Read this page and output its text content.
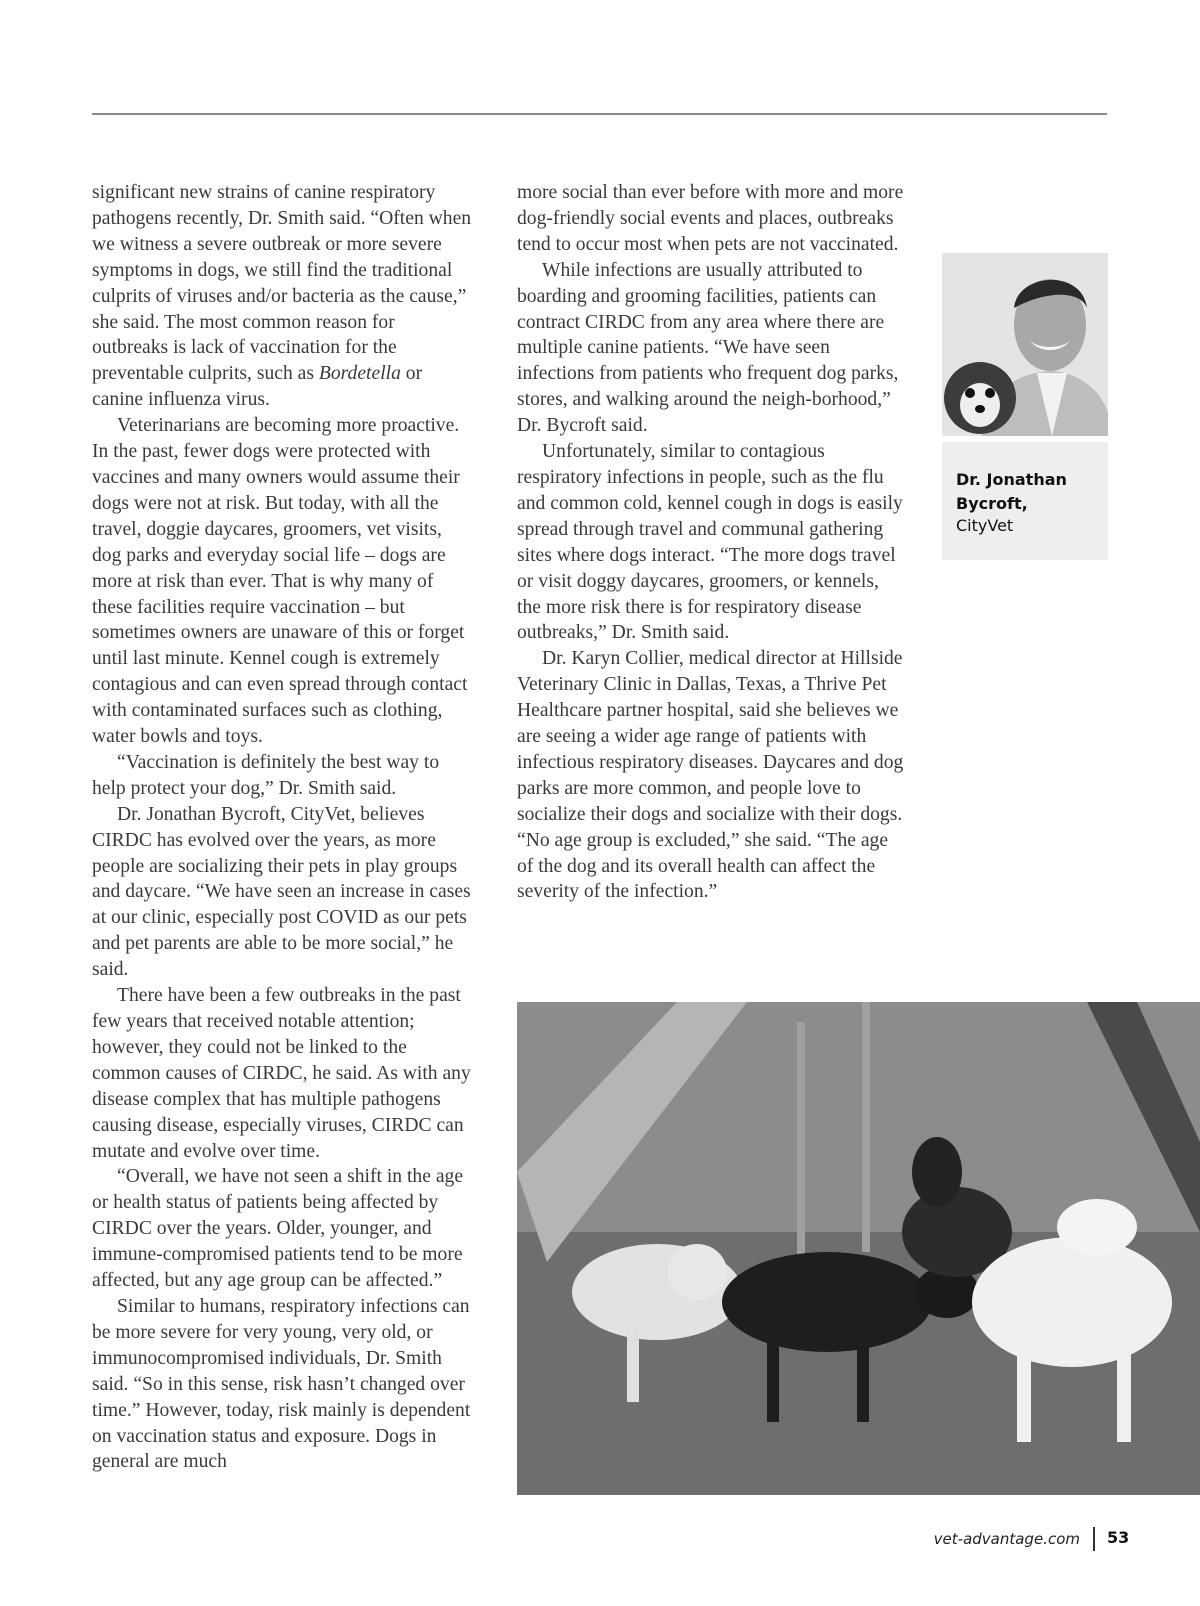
significant new strains of canine respiratory pathogens recently, Dr. Smith said. “Often when we witness a severe outbreak or more severe symptoms in dogs, we still find the traditional culprits of viruses and/or bacteria as the cause,” she said. The most common reason for outbreaks is lack of vaccination for the preventable culprits, such as Bordetella or canine influenza virus.

Veterinarians are becoming more proactive. In the past, fewer dogs were protected with vaccines and many owners would assume their dogs were not at risk. But today, with all the travel, doggie daycares, groomers, vet visits, dog parks and everyday social life – dogs are more at risk than ever. That is why many of these facilities require vaccination – but sometimes owners are unaware of this or forget until last minute. Kennel cough is extremely contagious and can even spread through contact with contaminated surfaces such as clothing, water bowls and toys.

“Vaccination is definitely the best way to help protect your dog,” Dr. Smith said.

Dr. Jonathan Bycroft, CityVet, believes CIRDC has evolved over the years, as more people are socializing their pets in play groups and daycare. “We have seen an increase in cases at our clinic, especially post COVID as our pets and pet parents are able to be more social,” he said.

There have been a few outbreaks in the past few years that received notable attention; however, they could not be linked to the common causes of CIRDC, he said. As with any disease complex that has multiple pathogens causing disease, especially viruses, CIRDC can mutate and evolve over time.

“Overall, we have not seen a shift in the age or health status of patients being affected by CIRDC over the years. Older, younger, and immune-compromised patients tend to be more affected, but any age group can be affected.”

Similar to humans, respiratory infections can be more severe for very young, very old, or immunocompromised individuals, Dr. Smith said. “So in this sense, risk hasn’t changed over time.” However, today, risk mainly is dependent on vaccination status and exposure. Dogs in general are much

more social than ever before with more and more dog-friendly social events and places, outbreaks tend to occur most when pets are not vaccinated.

While infections are usually attributed to boarding and grooming facilities, patients can contract CIRDC from any area where there are multiple canine patients. “We have seen infections from patients who frequent dog parks, stores, and walking around the neigh-borhood,” Dr. Bycroft said.

Unfortunately, similar to contagious respiratory infections in people, such as the flu and common cold, kennel cough in dogs is easily spread through travel and communal gathering sites where dogs interact. “The more dogs travel or visit doggy daycares, groomers, or kennels, the more risk there is for respiratory disease outbreaks,” Dr. Smith said.

Dr. Karyn Collier, medical director at Hillside Veterinary Clinic in Dallas, Texas, a Thrive Pet Healthcare partner hospital, said she believes we are seeing a wider age range of patients with infectious respiratory diseases. Daycares and dog parks are more common, and people love to socialize their dogs and socialize with their dogs. “No age group is excluded,” she said. “The age of the dog and its overall health can affect the severity of the infection.”

Dr. Jonathan Bycroft,
CityVet
vet-advantage.com 53
